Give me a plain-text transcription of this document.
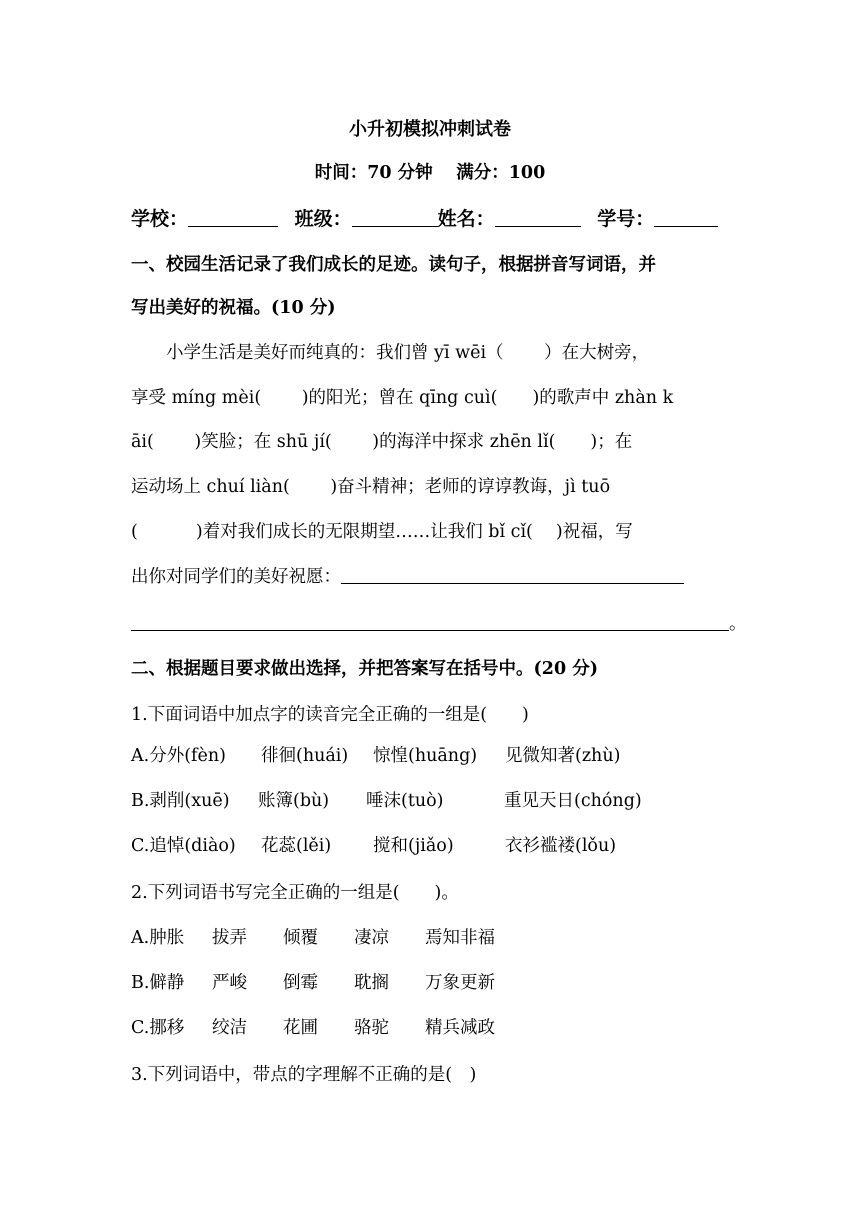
小升初模拟冲刺试卷
时间：70 分钟　 满分：100
学校：	班级：	姓名：	学号：
一、校园生活记录了我们成长的足迹。读句子，根据拼音写词语，并
写出美好的祝福。(10 分)
小学生活是美好而纯真的：我们曾 yī wēi（　　 ）在大树旁，
享受 míng mèi(　　 )的阳光；曾在 qīng cuì(　　)的歌声中 zhàn k
āi(　　 )笑脸；在 shū jí(　　 )的海洋中探求 zhēn lǐ(　　)；在
运动场上 chuí liàn(　　 )奋斗精神；老师的谆谆教诲，jì tuō
(　　　 )着对我们成长的无限期望……让我们 bǐ cǐ(　 )祝福，写
出你对同学们的美好祝愿：
。
二、根据题目要求做出选择，并把答案写在括号中。(20 分)
1.下面词语中加点字的读音完全正确的一组是(　　)
A.分外(fèn) 徘徊(huái) 惊惶(huāng) 见微知著(zhù)
B.剥削(xuē) 账簿(bù) 唾沫(tuò)	重见天日(chóng)
C.追悼(diào) 花蕊(lěi) 搅和(jiǎo)	衣衫褴褛(lǒu)
2.下列词语书写完全正确的一组是(　　)。
A.肿胀 拔弄 倾覆 凄凉 焉知非福
B.僻静 严峻 倒霉 耽搁 万象更新
C.挪移 绞洁 花圃 骆驼 精兵减政
3.下列词语中，带点的字理解不正确的是(　)
